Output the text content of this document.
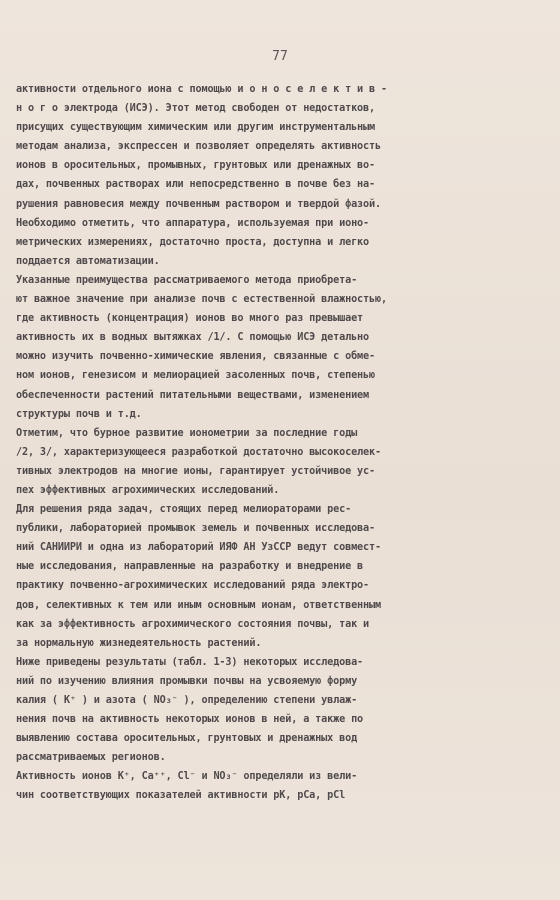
77
активности отдельного иона с помощью и о н о с е л е к т и в -
н о г о электрода (ИСЭ). Этот метод свободен от недостатков,
присущих существующим химическим или другим инструментальным
методам анализа, экспрессен и позволяет определять активность
ионов в оросительных, промывных, грунтовых или дренажных во-
дах, почвенных растворах или непосредственно в почве без на-
рушения равновесия между почвенным раствором и твердой фазой.
Необходимо отметить, что аппаратура, используемая при ионо-
метрических измерениях, достаточно проста, доступна и легко
поддается автоматизации.
Указанные преимущества рассматриваемого метода приобрета-
ют важное значение при анализе почв с естественной влажностью,
где активность (концентрация) ионов во много раз превышает
активность их в водных вытяжках /1/. С помощью ИСЭ детально
можно изучить почвенно-химические явления, связанные с обме-
ном ионов, генезисом и мелиорацией засоленных почв, степенью
обеспеченности растений питательными веществами, изменением
структуры почв и т.д.
Отметим, что бурное развитие ионометрии за последние годы
/2, 3/, характеризующееся разработкой достаточно высокоселек-
тивных электродов на многие ионы, гарантирует устойчивое ус-
пех эффективных агрохимических исследований.
Для решения ряда задач, стоящих перед мелиораторами рес-
публики, лабораторией промывок земель и почвенных исследова-
ний САНИИРИ и одна из лабораторий ИЯФ АН УзССР ведут совмест-
ные исследования, направленные на разработку и внедрение в
практику почвенно-агрохимических исследований ряда электро-
дов, селективных к тем или иным основным ионам, ответственным
как за эффективность агрохимического состояния почвы, так и
за нормальную жизнедеятельность растений.
Ниже приведены результаты (табл. 1-3) некоторых исследова-
ний по изучению влияния промывки почвы на усвояемую форму
калия ( К⁺ ) и азота ( NO₃⁻ ), определению степени увлаж-
нения почв на активность некоторых ионов в ней, а также по
выявлению состава оросительных, грунтовых и дренажных вод
рассматриваемых регионов.
Активность ионов K⁺, Ca⁺⁺, Cl⁻ и NO₃⁻ определяли из вели-
чин соответствующих показателей активности pK, pCa, pCl
